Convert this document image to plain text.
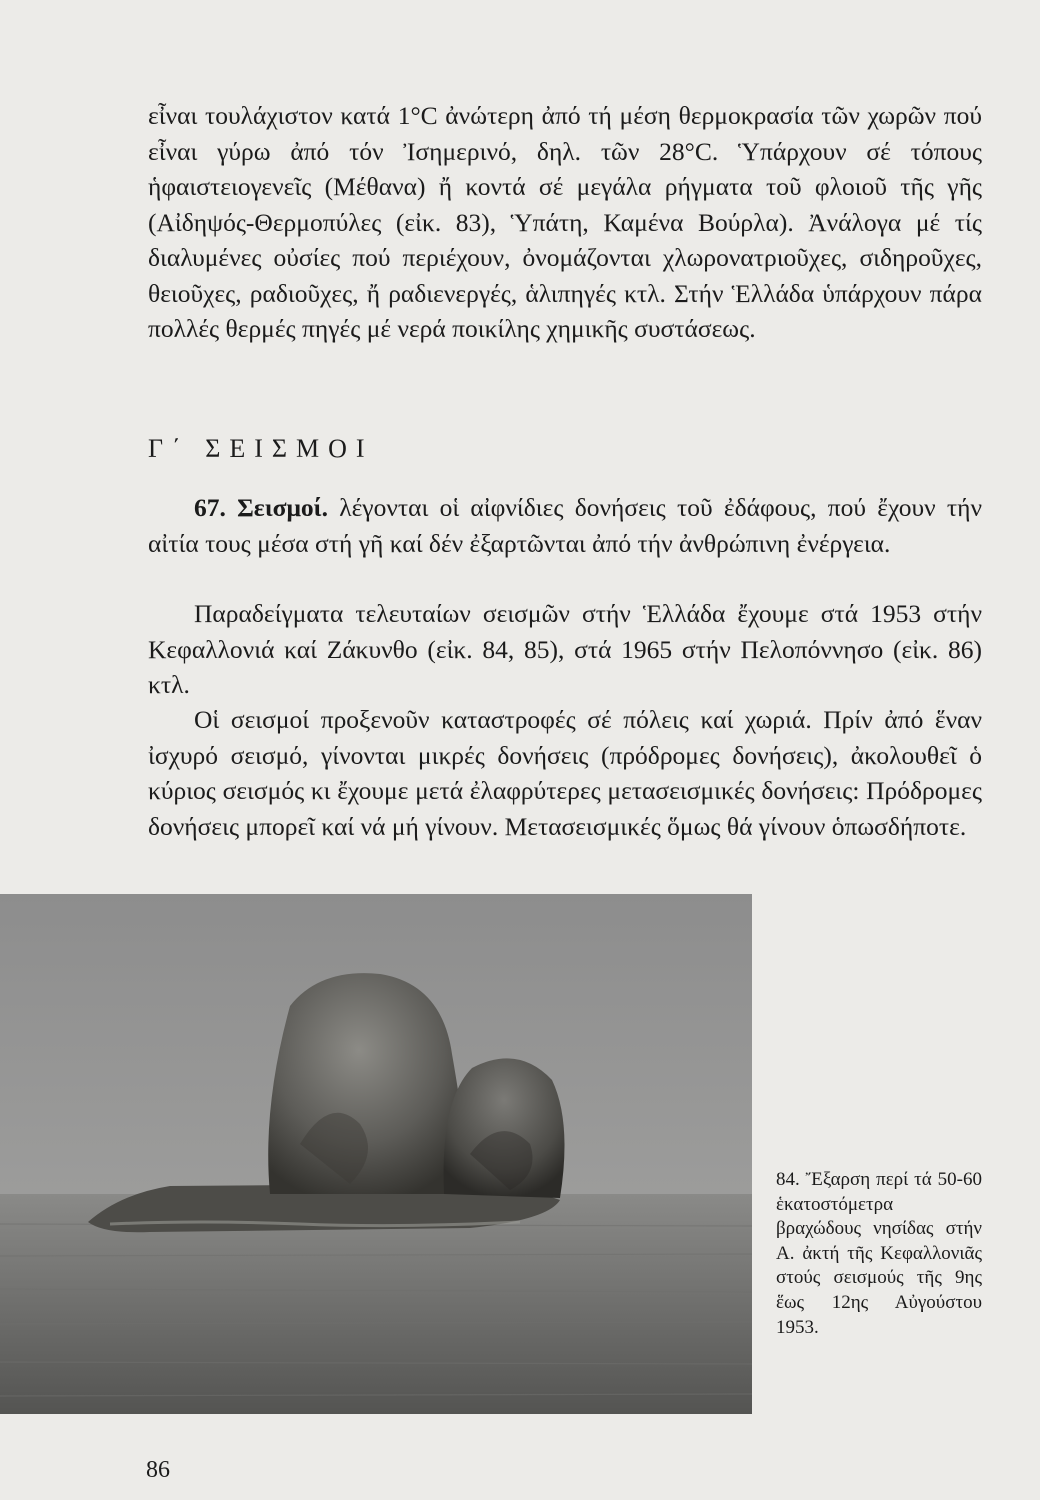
εἶναι τουλάχιστον κατά 1°C ἀνώτερη ἀπό τή μέση θερμοκρασία τῶν χωρῶν πού εἶναι γύρω ἀπό τόν Ἰσημερινό, δηλ. τῶν 28°C. Ὑπάρχουν σέ τόπους ἡφαιστειογενεῖς (Μέθανα) ἤ κοντά σέ μεγάλα ρήγματα τοῦ φλοιοῦ τῆς γῆς (Αἰδηψός-Θερμοπύλες (εἰκ. 83), Ὑπάτη, Καμένα Βούρλα). Ἀνάλογα μέ τίς διαλυμένες οὐσίες πού περιέχουν, ὀνομάζονται χλωρονατριοῦχες, σιδηροῦχες, θειοῦχες, ραδιοῦχες, ἤ ραδιενεργές, ἁλιπηγές κτλ. Στήν Ἑλλάδα ὑπάρχουν πάρα πολλές θερμές πηγές μέ νερά ποικίλης χημικῆς συστάσεως.

Γ΄ ΣΕΙΣΜΟΙ

67. Σεισμοί. λέγονται οἱ αἰφνίδιες δονήσεις τοῦ ἐδάφους, πού ἔχουν τήν αἰτία τους μέσα στή γῆ καί δέν ἐξαρτῶνται ἀπό τήν ἀνθρώπινη ἐνέργεια.

Παραδείγματα τελευταίων σεισμῶν στήν Ἑλλάδα ἔχουμε στά 1953 στήν Κεφαλλονιά καί Ζάκυνθο (εἰκ. 84, 85), στά 1965 στήν Πελοπόννησο (εἰκ. 86) κτλ.

Οἱ σεισμοί προξενοῦν καταστροφές σέ πόλεις καί χωριά. Πρίν ἀπό ἕναν ἰσχυρό σεισμό, γίνονται μικρές δονήσεις (πρόδρομες δονήσεις), ἀκολουθεῖ ὁ κύριος σεισμός κι ἔχουμε μετά ἐλαφρύτερες μετασεισμικές δονήσεις: Πρόδρομες δονήσεις μπορεῖ καί νά μή γίνουν. Μετασεισμικές ὅμως θά γίνουν ὁπωσδήποτε.

84. Ἔξαρση περί τά 50-60 ἑκατοστόμετρα βραχώδους νησίδας στήν Α. ἀκτή τῆς Κεφαλλονιᾶς στούς σεισμούς τῆς 9ης ἕως 12ης Αὐγούστου 1953.

86
